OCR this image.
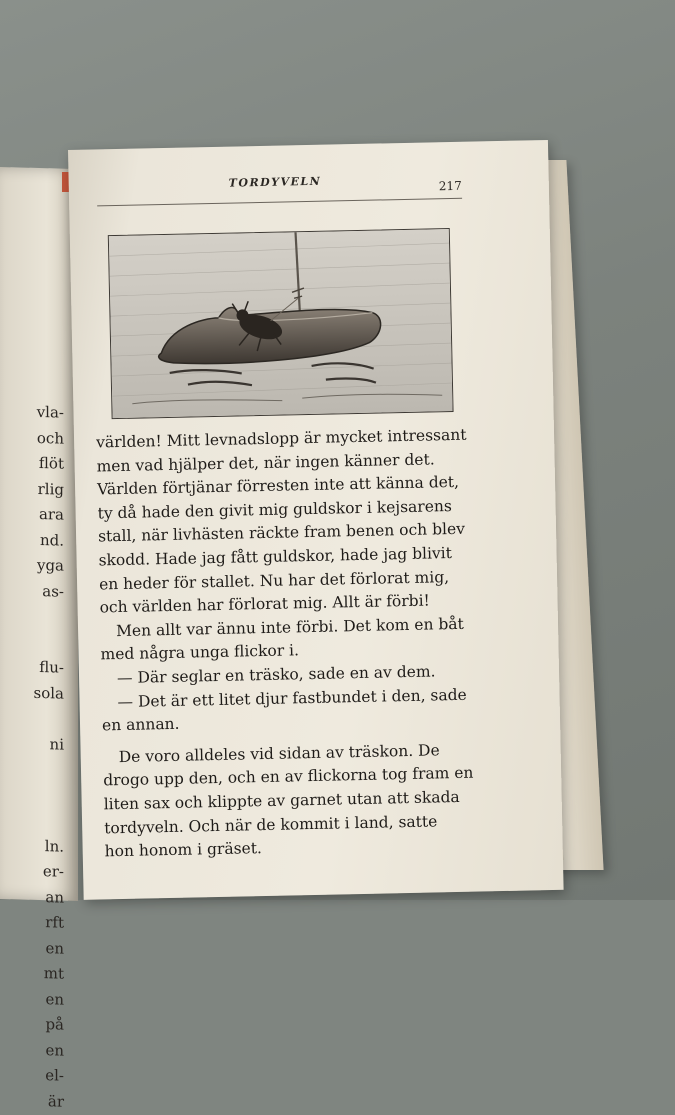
vla-
och
flöt
rlig
ara
nd.
yga
as-
flu-
sola
ni
ln.
er-
an
rft
en
mt
en
på
en
el-
är
TORDYVELN	217
världen! Mitt levnadslopp är mycket intressant
men vad hjälper det, när ingen känner det.
Världen förtjänar förresten inte att känna det,
ty då hade den givit mig guldskor i kejsarens
stall, när livhästen räckte fram benen och blev
skodd. Hade jag fått guldskor, hade jag blivit
en heder för stallet. Nu har det förlorat mig,
och världen har förlorat mig. Allt är förbi!
Men allt var ännu inte förbi. Det kom en båt
med några unga flickor i.
— Där seglar en träsko, sade en av dem.
— Det är ett litet djur fastbundet i den, sade
en annan.
De voro alldeles vid sidan av träskon. De
drogo upp den, och en av flickorna tog fram en
liten sax och klippte av garnet utan att skada
tordyveln. Och när de kommit i land, satte
hon honom i gräset.
